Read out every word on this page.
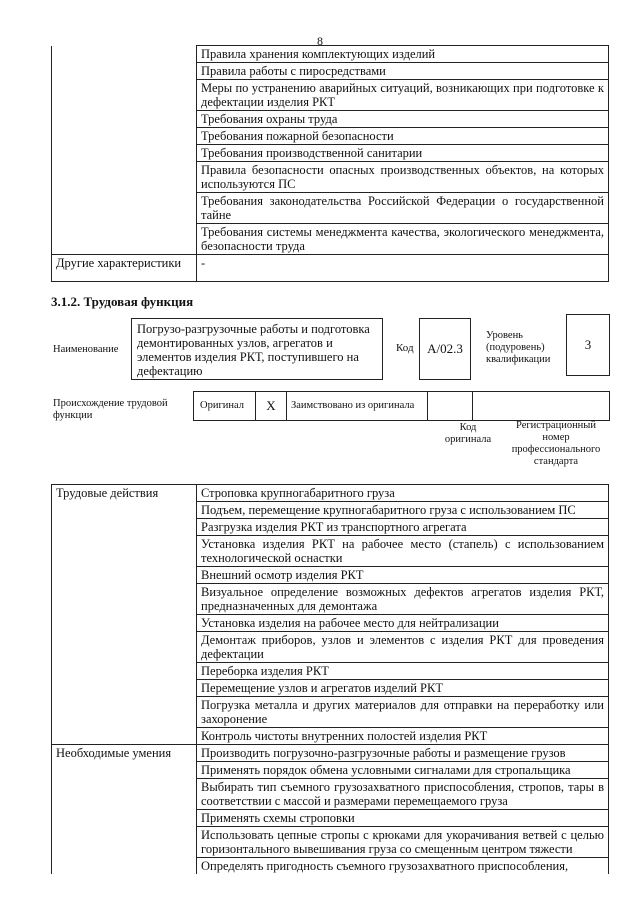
8
	Правила хранения комплектующих изделий
	Правила работы с пиросредствами
	Меры по устранению аварийных ситуаций, возникающих при подготовке к дефектации изделия РКТ
	Требования охраны труда
	Требования пожарной безопасности
	Требования производственной санитарии
	Правила безопасности опасных производственных объектов, на которых используются ПС
	Требования законодательства Российской Федерации о государственной тайне
	Требования системы менеджмента качества, экологического менеджмента, безопасности труда
Другие характеристики	-
3.1.2. Трудовая функция
Наименование
Погрузо-разгрузочные работы и подготовка демонтированных узлов, агрегатов и элементов изделия РКТ, поступившего на дефектацию
Код	А/02.3
Уровень (подуровень) квалификации
3
Происхождение трудовой функции
Оригинал	X	Заимствовано из оригинала
Код оригинала
Регистрационный номер профессионального стандарта
Трудовые действия	Строповка крупногабаритного груза
	Подъем, перемещение крупногабаритного груза с использованием ПС
	Разгрузка изделия РКТ из транспортного агрегата
	Установка изделия РКТ на рабочее место (стапель) с использованием технологической оснастки
	Внешний осмотр изделия РКТ
	Визуальное определение возможных дефектов агрегатов изделия РКТ, предназначенных для демонтажа
	Установка изделия на рабочее место для нейтрализации
	Демонтаж приборов, узлов и элементов с изделия РКТ для проведения дефектации
	Переборка изделия РКТ
	Перемещение узлов и агрегатов изделий РКТ
	Погрузка металла и других материалов для отправки на переработку или захоронение
	Контроль чистоты внутренних полостей изделия РКТ
Необходимые умения	Производить погрузочно-разгрузочные работы и размещение грузов
	Применять порядок обмена условными сигналами для стропальщика
	Выбирать тип съемного грузозахватного приспособления, стропов, тары в соответствии с массой и размерами перемещаемого груза
	Применять схемы строповки
	Использовать цепные стропы с крюками для укорачивания ветвей с целью горизонтального вывешивания груза со смещенным центром тяжести
	Определять пригодность съемного грузозахватного приспособления,
